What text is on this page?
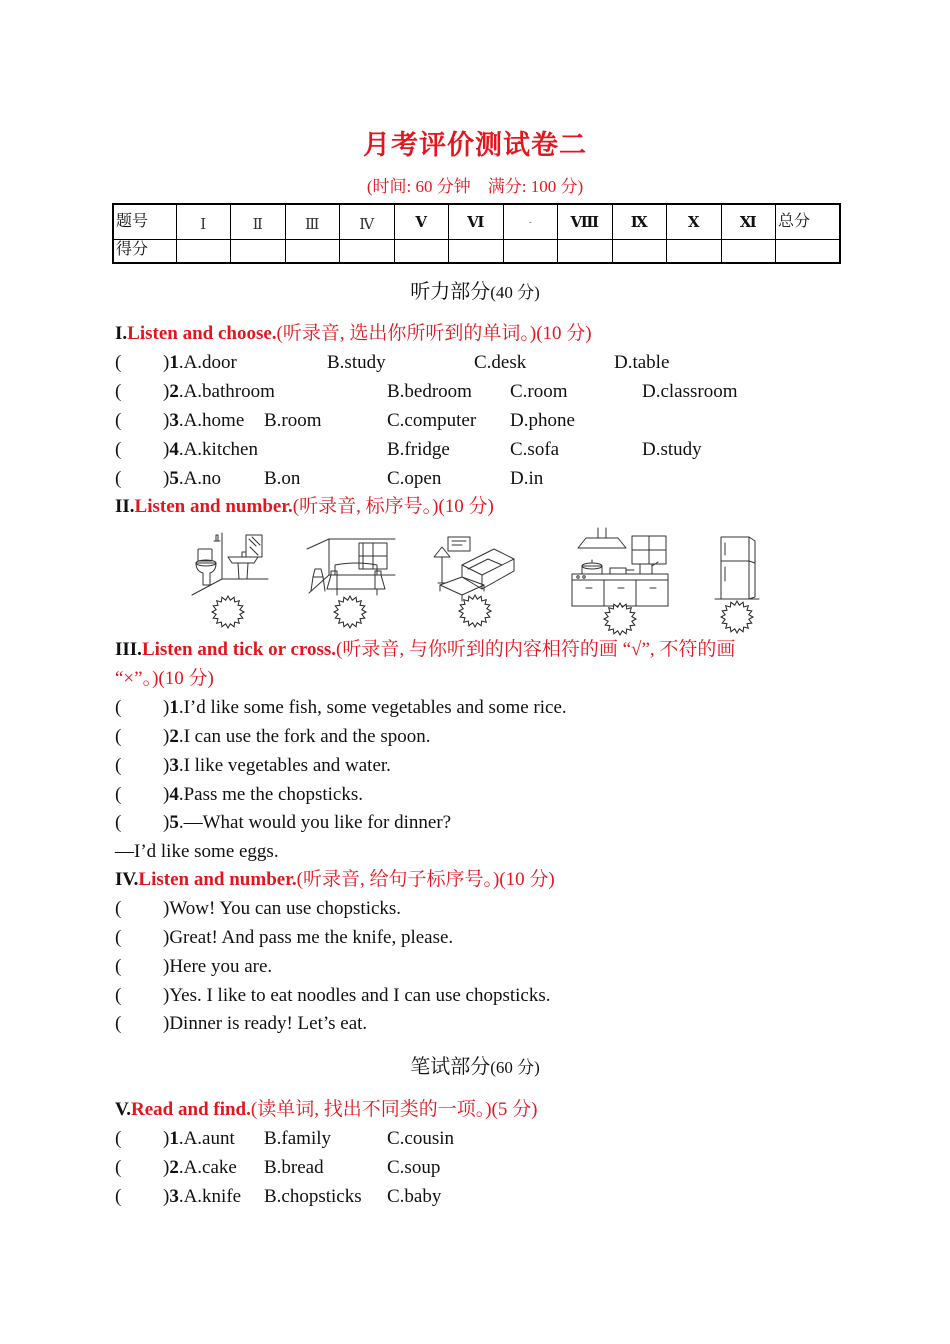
月考评价测试卷二
(时间: 60 分钟　满分: 100 分)
题号	Ⅰ	Ⅱ	Ⅲ	Ⅳ	Ⅴ	Ⅵ	-	Ⅷ	Ⅸ	Ⅹ	Ⅺ	总分
得分												
听力部分(40 分)
I.Listen and choose.(听录音, 选出你所听到的单词。)(10 分)
( )1.A.door	B.study	C.desk	D.table
( )2.A.bathroom	B.bedroom C.room	D.classroom
( )3.A.home B.room	C.computer D.phone
( )4.A.kitchen	B.fridge	C.sofa	D.study
( )5.A.no B.on	C.open	D.in
II.Listen and number.(听录音, 标序号。)(10 分)
III.Listen and tick or cross.(听录音, 与你听到的内容相符的画 “√”, 不符的画
“×”。)(10 分)
( )1.I’d like some fish, some vegetables and some rice.
( )2.I can use the fork and the spoon.
( )3.I like vegetables and water.
( )4.Pass me the chopsticks.
( )5.—What would you like for dinner?
—I’d like some eggs.
IV.Listen and number.(听录音, 给句子标序号。)(10 分)
( )Wow! You can use chopsticks.
( )Great! And pass me the knife, please.
( )Here you are.
( )Yes. I like to eat noodles and I can use chopsticks.
( )Dinner is ready! Let’s eat.
笔试部分(60 分)
V.Read and find.(读单词, 找出不同类的一项。)(5 分)
( )1.A.aunt B.family	C.cousin
( )2.A.cake B.bread	C.soup
( )3.A.knife B.chopsticks C.baby
